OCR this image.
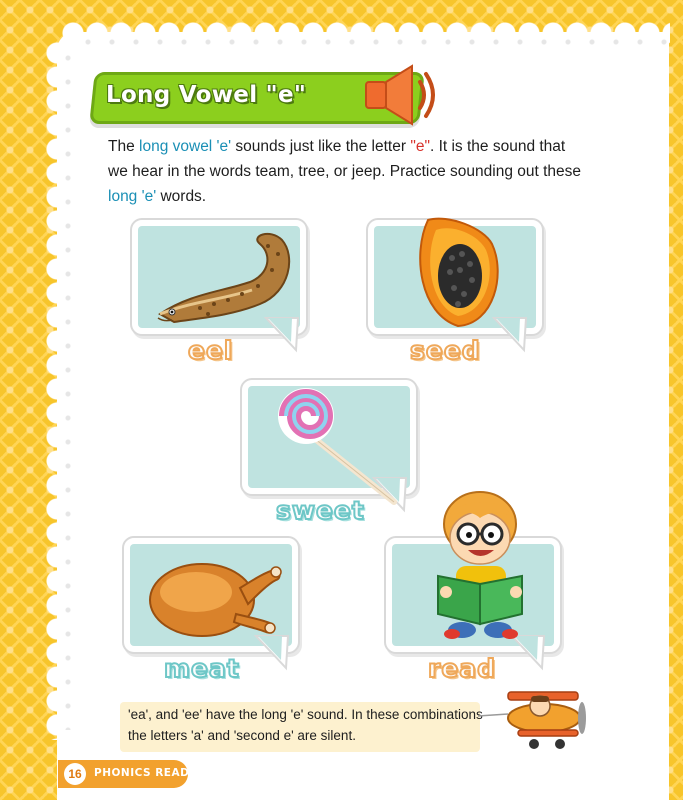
Long Vowel "e"
The long vowel 'e' sounds just like the letter "e". It is the sound that we hear in the words team, tree, or jeep. Practice sounding out these long 'e' words.
eel	seed
sweet
meat	read
'ea', and 'ee' have the long 'e' sound. In these combinations the letters 'a' and 'second e' are silent.
16	PHONICS READER
